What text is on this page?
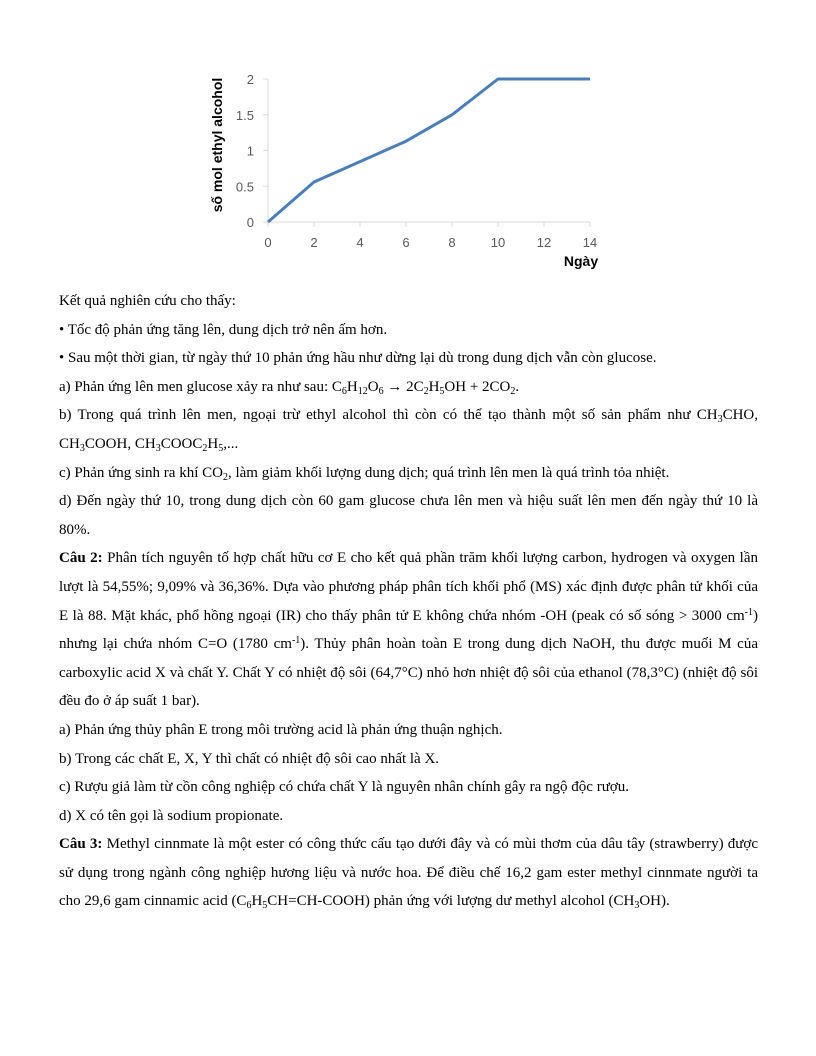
0
0.5
1
1.5
2
0	2	4	6	8	10 12 14
số mol ethyl alcohol
Ngày

Kết quả nghiên cứu cho thấy:

• Tốc độ phản ứng tăng lên, dung dịch trở nên ấm hơn.

• Sau một thời gian, từ ngày thứ 10 phản ứng hầu như dừng lại dù trong dung dịch vẫn còn glucose.

a) Phản ứng lên men glucose xảy ra như sau: $C_6H_{12}O_6 \to 2C_2H_5OH + 2CO_2$.

b) Trong quá trình lên men, ngoại trừ ethyl alcohol thì còn có thể tạo thành một số sản phẩm như $CH_3CHO$, $CH_3COOH$, $CH_3COOC_2H_5$,...

c) Phản ứng sinh ra khí $CO_2$, làm giảm khối lượng dung dịch; quá trình lên men là quá trình tỏa nhiệt.

d) Đến ngày thứ 10, trong dung dịch còn 60 gam glucose chưa lên men và hiệu suất lên men đến ngày thứ 10 là 80%.

Câu 2: Phân tích nguyên tố hợp chất hữu cơ E cho kết quả phần trăm khối lượng carbon, hydrogen và oxygen lần lượt là 54,55%; 9,09% và 36,36%. Dựa vào phương pháp phân tích khối phổ (MS) xác định được phân tử khối của E là 88. Mặt khác, phổ hồng ngoại (IR) cho thấy phân tử E không chứa nhóm -OH (peak có số sóng > 3000 $cm^{-1}$) nhưng lại chứa nhóm C=O (1780 $cm^{-1}$). Thủy phân hoàn toàn E trong dung dịch NaOH, thu được muối M của carboxylic acid X và chất Y. Chất Y có nhiệt độ sôi (64,7°C) nhỏ hơn nhiệt độ sôi của ethanol (78,3°C) (nhiệt độ sôi đều đo ở áp suất 1 bar).

a) Phản ứng thủy phân E trong môi trường acid là phản ứng thuận nghịch.

b) Trong các chất E, X, Y thì chất có nhiệt độ sôi cao nhất là X.

c) Rượu giả làm từ cồn công nghiệp có chứa chất Y là nguyên nhân chính gây ra ngộ độc rượu.

d) X có tên gọi là sodium propionate.

Câu 3: Methyl cinnmate là một ester có công thức cấu tạo dưới đây và có mùi thơm của dâu tây (strawberry) được sử dụng trong ngành công nghiệp hương liệu và nước hoa. Để điều chế 16,2 gam ester methyl cinnmate người ta cho 29,6 gam cinnamic acid $(C_6H_5CH=CH-COOH)$ phản ứng với lượng dư methyl alcohol $(CH_3OH)$.
